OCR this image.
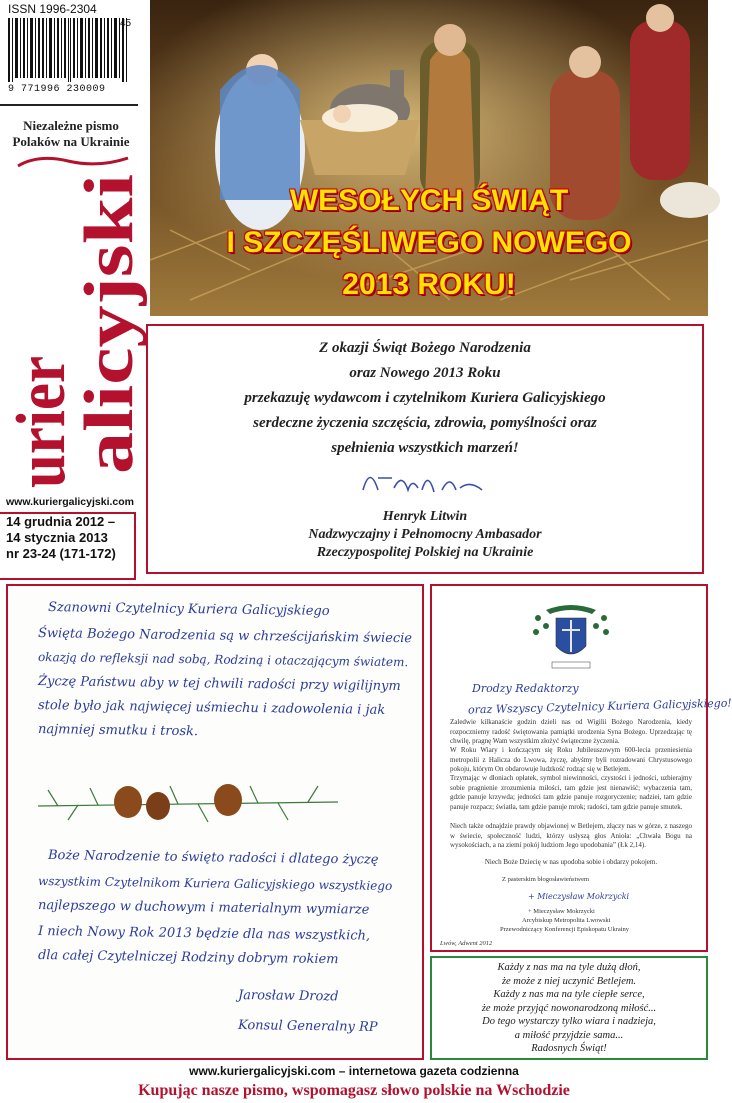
ISSN 1996-2304
45
9 771996 230009
Niezależne pismo
Polaków na Ukrainie
urier
alicyjski
www.kuriergalicyjski.com
14 grudnia 2012 –
14 stycznia 2013
nr 23-24 (171-172)
WESOŁYCH ŚWIĄT
I SZCZĘŚLIWEGO NOWEGO
2013 ROKU!
Z okazji Świąt Bożego Narodzenia
oraz Nowego 2013 Roku
przekazuję wydawcom i czytelnikom Kuriera Galicyjskiego
serdeczne życzenia szczęścia, zdrowia, pomyślności oraz
spełnienia wszystkich marzeń!
Henryk Litwin
Nadzwyczajny i Pełnomocny Ambasador
Rzeczypospolitej Polskiej na Ukrainie
Szanowni Czytelnicy Kuriera Galicyjskiego
Święta Bożego Narodzenia są w chrześcijańskim świecie
okazją do refleksji nad sobą, Rodziną i otaczającym światem.
Życzę Państwu aby w tej chwili radości przy wigilijnym
stole było jak najwięcej uśmiechu i zadowolenia i jak
najmniej smutku i trosk.
Boże Narodzenie to święto radości i dlatego życzę
wszystkim Czytelnikom Kuriera Galicyjskiego wszystkiego
najlepszego w duchowym i materialnym wymiarze
I niech Nowy Rok 2013 będzie dla nas wszystkich,
dla całej Czytelniczej Rodziny dobrym rokiem
Jarosław Drozd
Konsul Generalny RP
Drodzy Redaktorzy
oraz Wszyscy Czytelnicy Kuriera Galicyjskiego!
Zaledwie kilkanaście godzin dzieli nas od Wigilii Bożego Narodzenia, kiedy rozpoczniemy radość świętowania pamiątki urodzenia Syna Bożego. Uprzedzając tę chwilę, pragnę Wam wszystkim złożyć świąteczne życzenia.
W Roku Wiary i kończącym się Roku Jubileuszowym 600-lecia przeniesienia metropolii z Halicza do Lwowa, życzę, abyśmy byli rozradowani Chrystusowego pokoju, którym On obdarowuje ludzkość rodząc się w Betlejem.
Trzymając w dłoniach opłatek, symbol niewinności, czystości i jedności, uzbierajmy sobie pragnienie zrozumienia miłości, tam gdzie jest nienawiść; wybaczenia tam, gdzie panuje krzywda; jedności tam gdzie panuje rozgoryczenie; nadziei, tam gdzie panuje rozpacz; światła, tam gdzie panuje mrok; radości, tam gdzie panuje smutek.
Niech także odnajdzie prawdy objawionej w Betlejem, złączy nas w górze, z naszego w świecie, społeczność ludzi, którzy usłyszą głos Anioła: „Chwała Bogu na wysokościach, a na ziemi pokój ludziom Jego upodobania” (Łk 2,14).
Niech Boże Dziecię w nas upodoba sobie i obdarzy pokojem.
Z pasterskim błogosławieństwem
+ Mieczysław Mokrzycki
+ Mieczysław Mokrzycki
Arcybiskup Metropolita Lwowski
Przewodniczący Konferencji Episkopatu Ukrainy
Lwów, Adwent 2012
Każdy z nas ma na tyle dużą dłoń,
że może z niej uczynić Betlejem.
Każdy z nas ma na tyle ciepłe serce,
że może przyjąć nowonarodzoną miłość...
Do tego wystarczy tylko wiara i nadzieja,
a miłość przyjdzie sama...
Radosnych Świąt!
www.kuriergalicyjski.com – internetowa gazeta codzienna
Kupując nasze pismo, wspomagasz słowo polskie na Wschodzie
